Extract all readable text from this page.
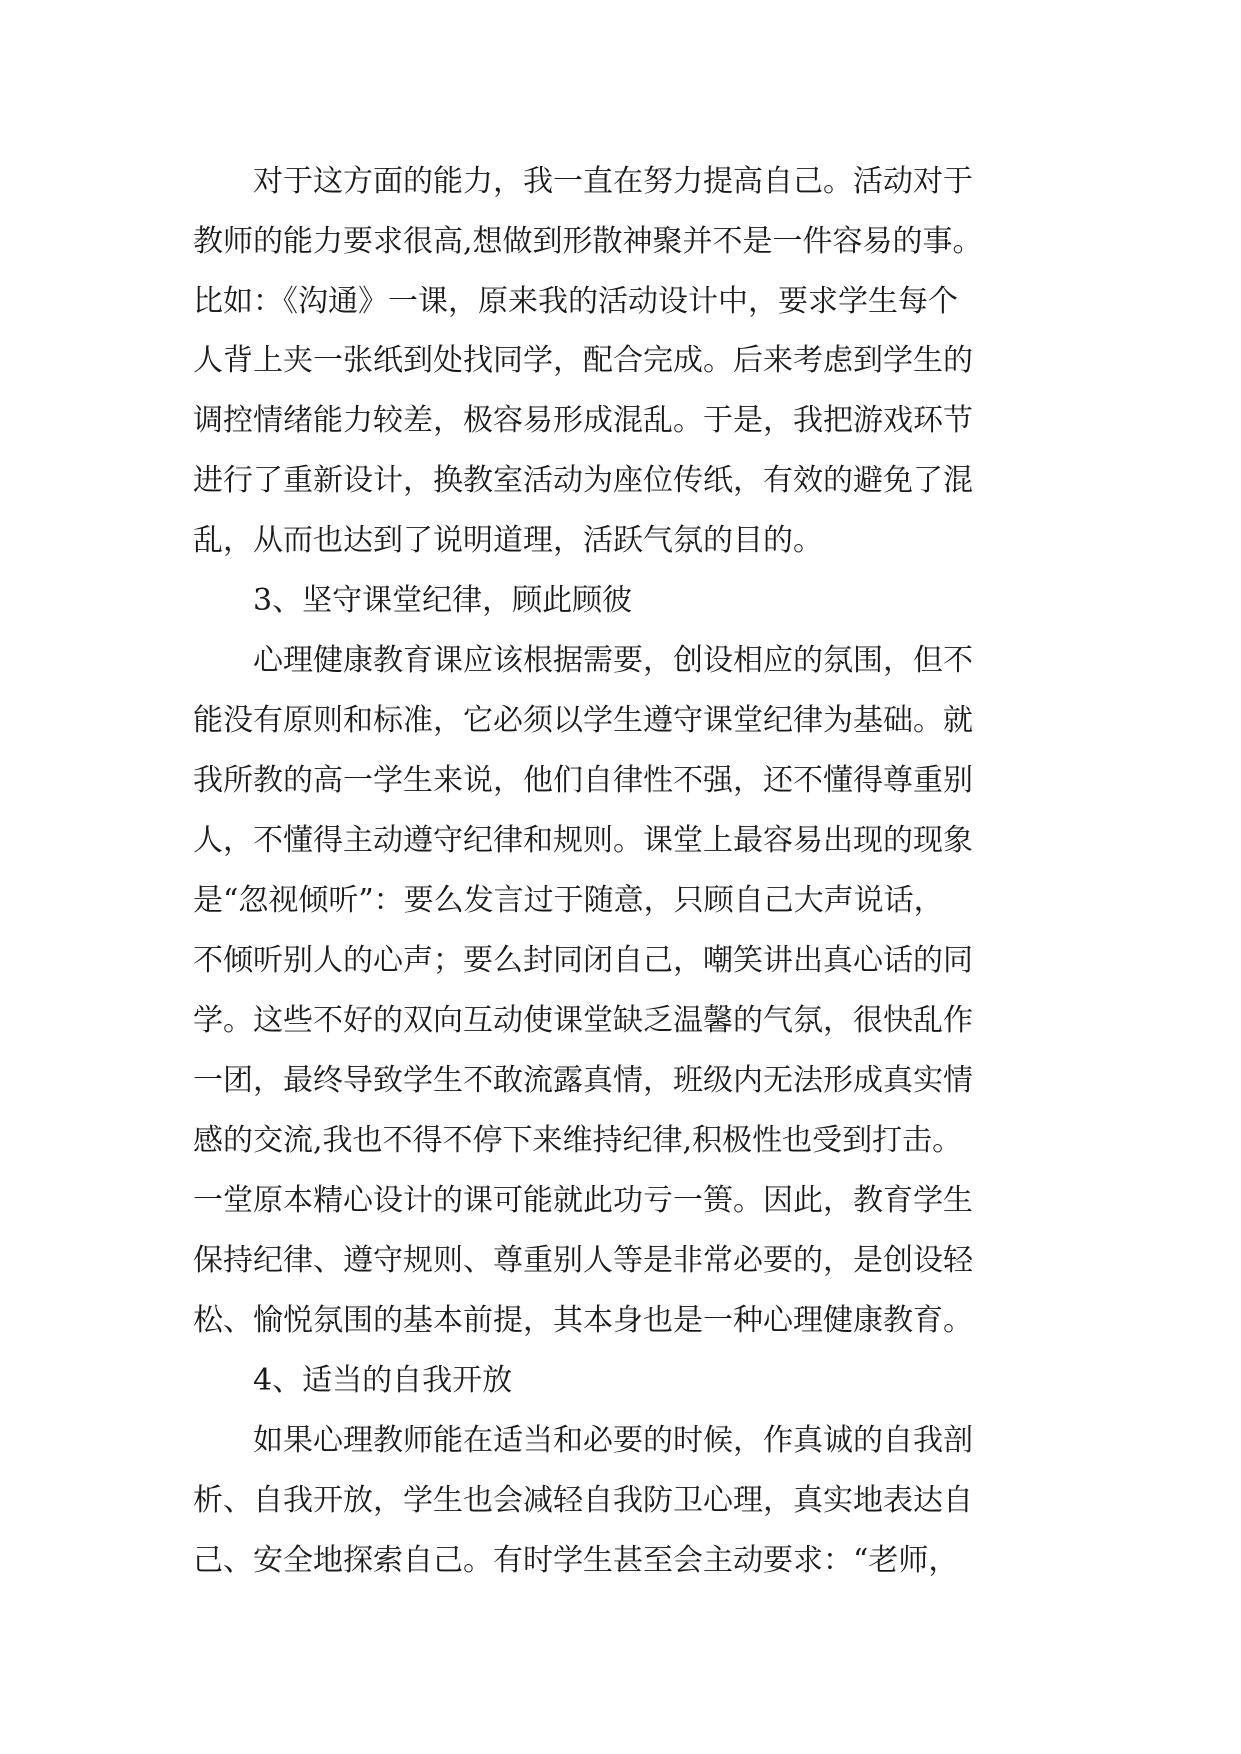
对于这方面的能力，我一直在努力提高自己。活动对于
教师的能力要求很高,想做到形散神聚并不是一件容易的事。
比如：《沟通》一课，原来我的活动设计中，要求学生每个
人背上夹一张纸到处找同学，配合完成。后来考虑到学生的
调控情绪能力较差，极容易形成混乱。于是，我把游戏环节
进行了重新设计，换教室活动为座位传纸，有效的避免了混
乱，从而也达到了说明道理，活跃气氛的目的。
3、坚守课堂纪律，顾此顾彼
心理健康教育课应该根据需要，创设相应的氛围，但不
能没有原则和标准，它必须以学生遵守课堂纪律为基础。就
我所教的高一学生来说，他们自律性不强，还不懂得尊重别
人，不懂得主动遵守纪律和规则。课堂上最容易出现的现象
是“忽视倾听”：要么发言过于随意，只顾自己大声说话，
不倾听别人的心声；要么封同闭自己，嘲笑讲出真心话的同
学。这些不好的双向互动使课堂缺乏温馨的气氛，很快乱作
一团，最终导致学生不敢流露真情，班级内无法形成真实情
感的交流,我也不得不停下来维持纪律,积极性也受到打击。
一堂原本精心设计的课可能就此功亏一篑。因此，教育学生
保持纪律、遵守规则、尊重别人等是非常必要的，是创设轻
松、愉悦氛围的基本前提，其本身也是一种心理健康教育。
4、适当的自我开放
如果心理教师能在适当和必要的时候，作真诚的自我剖
析、自我开放，学生也会减轻自我防卫心理，真实地表达自
己、安全地探索自己。有时学生甚至会主动要求：“老师，
